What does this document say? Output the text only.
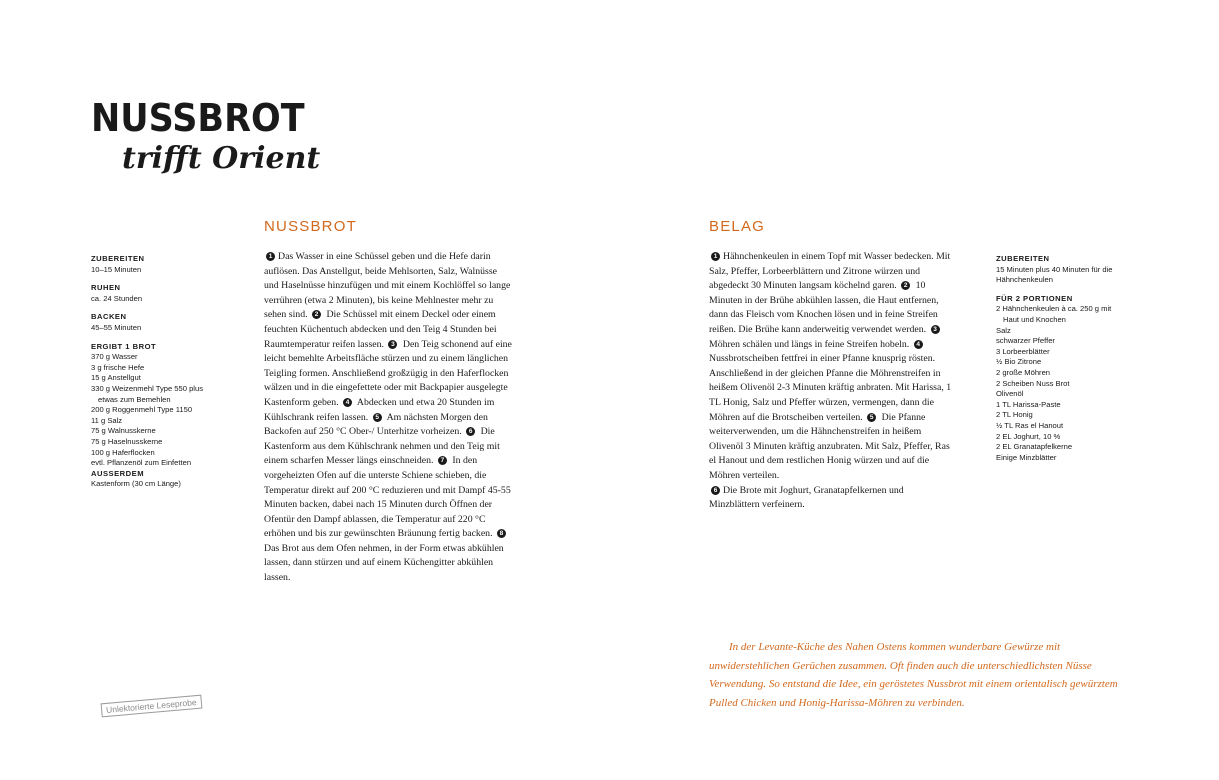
NUSSBROT
trifft Orient
ZUBEREITEN
10–15 Minuten
RUHEN
ca. 24 Stunden
BACKEN
45–55 Minuten
ERGIBT 1 BROT
370 g Wasser
3 g frische Hefe
15 g Anstellgut
330 g Weizenmehl Type 550 plus
etwas zum Bemehlen
200 g Roggenmehl Type 1150
11 g Salz
75 g Walnusskerne
75 g Haselnusskerne
100 g Haferflocken
evtl. Pflanzenöl zum Einfetten
AUSSERDEM
Kastenform (30 cm Länge)
NUSSBROT

1 Das Wasser in eine Schüssel geben und die Hefe darin auflösen. Das Anstellgut, beide Mehlsorten, Salz, Walnüsse und Haselnüsse hinzufügen und mit einem Kochlöffel so lange verrühren (etwa 2 Minuten), bis keine Mehlnester mehr zu sehen sind. 2 Die Schüssel mit einem Deckel oder einem feuchten Küchentuch abdecken und den Teig 4 Stunden bei Raumtemperatur reifen lassen. 3 Den Teig schonend auf eine leicht bemehlte Arbeitsfläche stürzen und zu einem länglichen Teigling formen. Anschließend großzügig in den Haferflocken wälzen und in die eingefettete oder mit Backpapier ausgelegte Kastenform geben. 4 Abdecken und etwa 20 Stunden im Kühlschrank reifen lassen. 5 Am nächsten Morgen den Backofen auf 250 °C Ober-/ Unterhitze vorheizen. 6 Die Kastenform aus dem Kühlschrank nehmen und den Teig mit einem scharfen Messer längs einschneiden. 7 In den vorgeheizten Ofen auf die unterste Schiene schieben, die Temperatur direkt auf 200 °C reduzieren und mit Dampf 45-55 Minuten backen, dabei nach 15 Minuten durch Öffnen der Ofentür den Dampf ablassen, die Temperatur auf 220 °C erhöhen und bis zur gewünschten Bräunung fertig backen. 8 Das Brot aus dem Ofen nehmen, in der Form etwas abkühlen lassen, dann stürzen und auf einem Küchengitter abkühlen lassen.

BELAG

1 Hähnchenkeulen in einem Topf mit Wasser bedecken. Mit Salz, Pfeffer, Lorbeerblättern und Zitrone würzen und abgedeckt 30 Minuten langsam köchelnd garen. 2 10 Minuten in der Brühe abkühlen lassen, die Haut entfernen, dann das Fleisch vom Knochen lösen und in feine Streifen reißen. Die Brühe kann anderweitig verwendet werden. 3 Möhren schälen und längs in feine Streifen hobeln. 4 Nussbrotscheiben fettfrei in einer Pfanne knusprig rösten. Anschließend in der gleichen Pfanne die Möhrenstreifen in heißem Olivenöl 2-3 Minuten kräftig anbraten. Mit Harissa, 1 TL Honig, Salz und Pfeffer würzen, vermengen, dann die Möhren auf die Brotscheiben verteilen. 5 Die Pfanne weiterverwenden, um die Hähnchenstreifen in heißem Olivenöl 3 Minuten kräftig anzubraten. Mit Salz, Pfeffer, Ras el Hanout und dem restlichen Honig würzen und auf die Möhren verteilen.

6 Die Brote mit Joghurt, Granatapfelkernen und Minzblättern verfeinern.

ZUBEREITEN
15 Minuten plus 40 Minuten für die
Hähnchenkeulen
FÜR 2 PORTIONEN
2 Hähnchenkeulen à ca. 250 g mit
Haut und Knochen
Salz
schwarzer Pfeffer
3 Lorbeerblätter
½ Bio Zitrone
2 große Möhren
2 Scheiben Nuss Brot
Olivenöl
1 TL Harissa-Paste
2 TL Honig
½ TL Ras el Hanout
2 EL Joghurt, 10 %
2 EL Granatapfelkerne
Einige Minzblätter

In der Levante-Küche des Nahen Ostens kommen wunderbare Gewürze mit unwiderstehlichen Gerüchen zusammen. Oft finden auch die unterschiedlichsten Nüsse Verwendung. So entstand die Idee, ein geröstetes Nussbrot mit einem orientalisch gewürztem Pulled Chicken und Honig-Harissa-Möhren zu verbinden.

Unlektorierte Leseprobe
